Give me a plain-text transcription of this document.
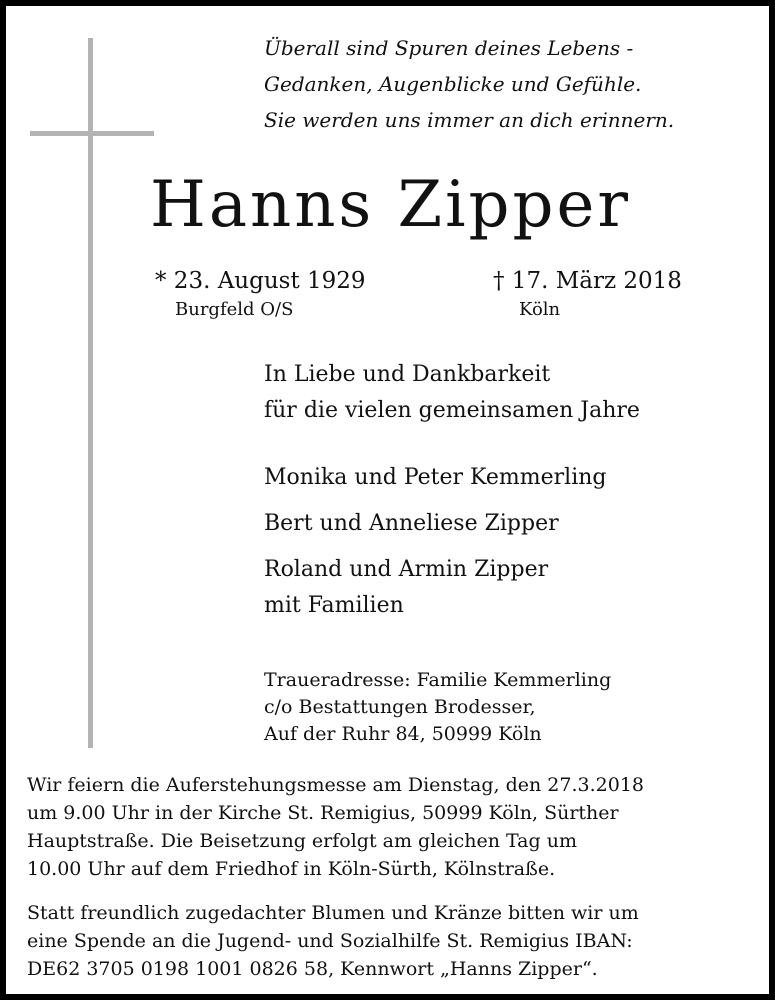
Überall sind Spuren deines Lebens -
Gedanken, Augenblicke und Gefühle.
Sie werden uns immer an dich erinnern.
Hanns Zipper
* 23. August 1929
Burgfeld O/S
† 17. März 2018
Köln
In Liebe und Dankbarkeit
für die vielen gemeinsamen Jahre
Monika und Peter Kemmerling
Bert und Anneliese Zipper
Roland und Armin Zipper
mit Familien
Traueradresse: Familie Kemmerling
c/o Bestattungen Brodesser,
Auf der Ruhr 84, 50999 Köln
Wir feiern die Auferstehungsmesse am Dienstag, den 27.3.2018
um 9.00 Uhr in der Kirche St. Remigius, 50999 Köln, Sürther
Hauptstraße. Die Beisetzung erfolgt am gleichen Tag um
10.00 Uhr auf dem Friedhof in Köln-Sürth, Kölnstraße.
Statt freundlich zugedachter Blumen und Kränze bitten wir um
eine Spende an die Jugend- und Sozialhilfe St. Remigius IBAN:
DE62 3705 0198 1001 0826 58, Kennwort „Hanns Zipper“.
